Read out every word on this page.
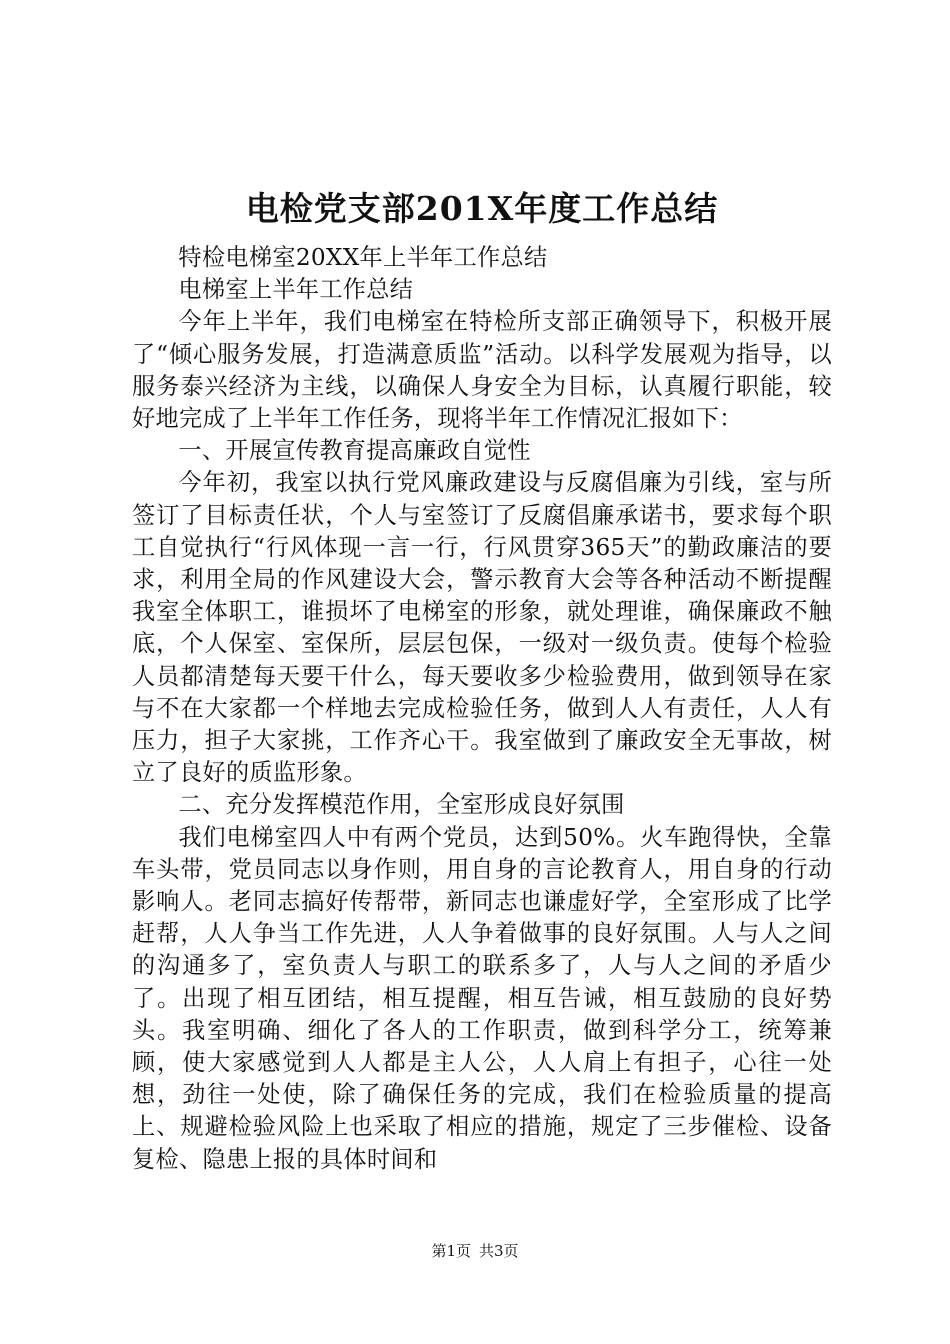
电检党支部201X年度工作总结

特检电梯室20XX年上半年工作总结

电梯室上半年工作总结

今年上半年，我们电梯室在特检所支部正确领导下，积极开展了“倾心服务发展，打造满意质监”活动。以科学发展观为指导，以服务泰兴经济为主线，以确保人身安全为目标，认真履行职能，较好地完成了上半年工作任务，现将半年工作情况汇报如下：

一、开展宣传教育提高廉政自觉性

今年初，我室以执行党风廉政建设与反腐倡廉为引线，室与所签订了目标责任状，个人与室签订了反腐倡廉承诺书，要求每个职工自觉执行“行风体现一言一行，行风贯穿365天”的勤政廉洁的要求，利用全局的作风建设大会，警示教育大会等各种活动不断提醒我室全体职工，谁损坏了电梯室的形象，就处理谁，确保廉政不触底，个人保室、室保所，层层包保，一级对一级负责。使每个检验人员都清楚每天要干什么，每天要收多少检验费用，做到领导在家与不在大家都一个样地去完成检验任务，做到人人有责任，人人有压力，担子大家挑，工作齐心干。我室做到了廉政安全无事故，树立了良好的质监形象。

二、充分发挥模范作用，全室形成良好氛围

我们电梯室四人中有两个党员，达到50%。火车跑得快，全靠车头带，党员同志以身作则，用自身的言论教育人，用自身的行动影响人。老同志搞好传帮带，新同志也谦虚好学，全室形成了比学赶帮，人人争当工作先进，人人争着做事的良好氛围。人与人之间的沟通多了，室负责人与职工的联系多了，人与人之间的矛盾少了。出现了相互团结，相互提醒，相互告诫，相互鼓励的良好势头。我室明确、细化了各人的工作职责，做到科学分工，统筹兼顾，使大家感觉到人人都是主人公，人人肩上有担子，心往一处想，劲往一处使，除了确保任务的完成，我们在检验质量的提高上、规避检验风险上也采取了相应的措施，规定了三步催检、设备复检、隐患上报的具体时间和

第1页 共3页
